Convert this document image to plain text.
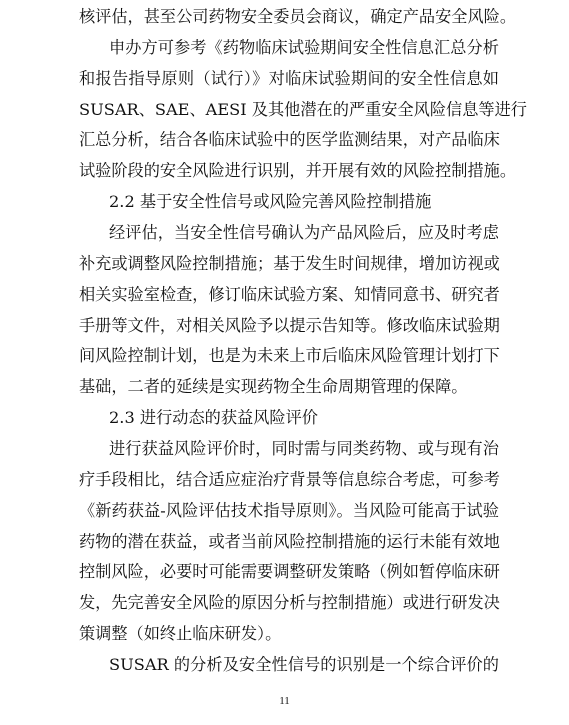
核评估，甚至公司药物安全委员会商议，确定产品安全风险。
申办方可参考《药物临床试验期间安全性信息汇总分析
和报告指导原则（试行）》对临床试验期间的安全性信息如
SUSAR、SAE、AESI 及其他潜在的严重安全风险信息等进行
汇总分析，结合各临床试验中的医学监测结果，对产品临床
试验阶段的安全风险进行识别，并开展有效的风险控制措施。
2.2 基于安全性信号或风险完善风险控制措施
经评估，当安全性信号确认为产品风险后，应及时考虑
补充或调整风险控制措施；基于发生时间规律，增加访视或
相关实验室检查，修订临床试验方案、知情同意书、研究者
手册等文件，对相关风险予以提示告知等。修改临床试验期
间风险控制计划，也是为未来上市后临床风险管理计划打下
基础，二者的延续是实现药物全生命周期管理的保障。
2.3 进行动态的获益风险评价
进行获益风险评价时，同时需与同类药物、或与现有治
疗手段相比，结合适应症治疗背景等信息综合考虑，可参考
《新药获益-风险评估技术指导原则》。当风险可能高于试验
药物的潜在获益，或者当前风险控制措施的运行未能有效地
控制风险，必要时可能需要调整研发策略（例如暂停临床研
发，先完善安全风险的原因分析与控制措施）或进行研发决
策调整（如终止临床研发）。
SUSAR 的分析及安全性信号的识别是一个综合评价的
11
